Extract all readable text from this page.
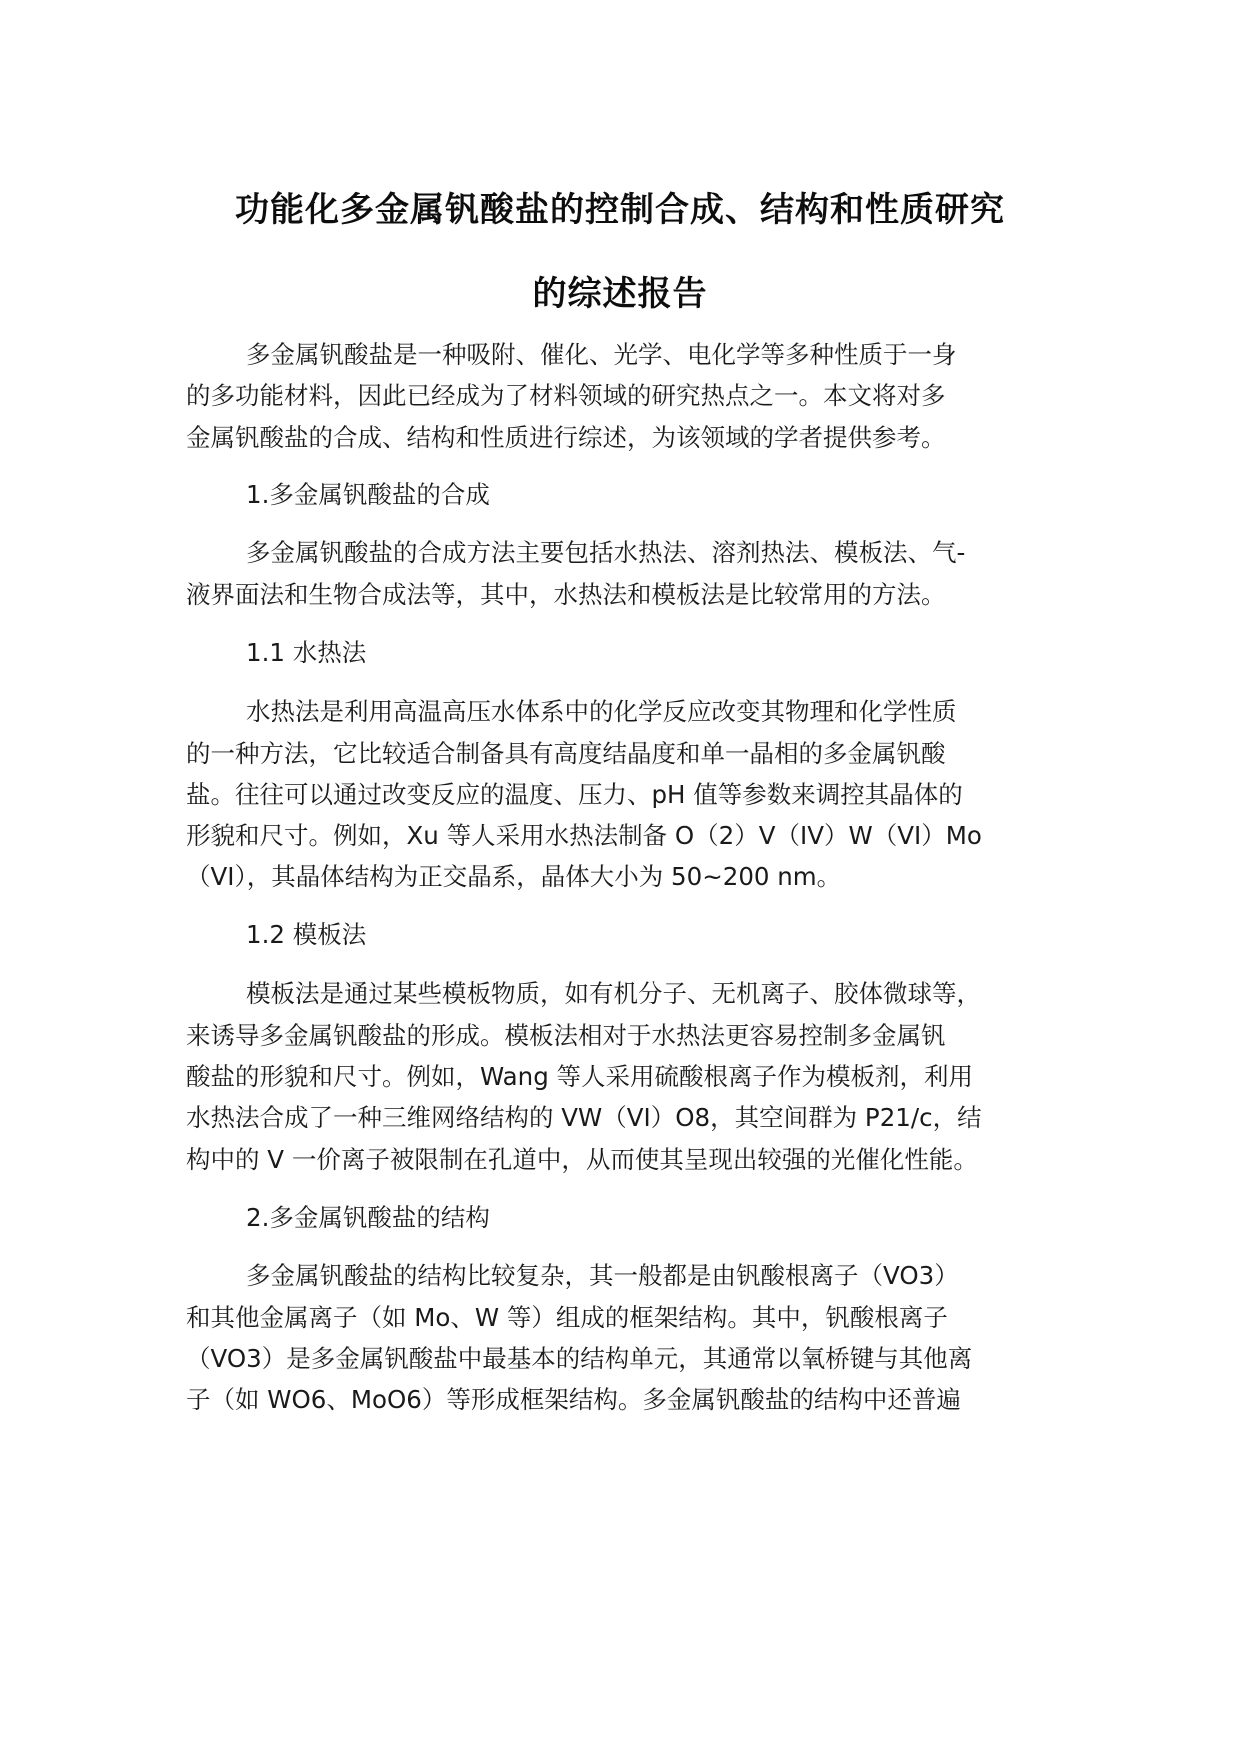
功能化多金属钒酸盐的控制合成、结构和性质研究
的综述报告
多金属钒酸盐是一种吸附、催化、光学、电化学等多种性质于一身
的多功能材料，因此已经成为了材料领域的研究热点之一。本文将对多
金属钒酸盐的合成、结构和性质进行综述，为该领域的学者提供参考。
1.多金属钒酸盐的合成
多金属钒酸盐的合成方法主要包括水热法、溶剂热法、模板法、气-
液界面法和生物合成法等，其中，水热法和模板法是比较常用的方法。
1.1 水热法
水热法是利用高温高压水体系中的化学反应改变其物理和化学性质
的一种方法，它比较适合制备具有高度结晶度和单一晶相的多金属钒酸
盐。往往可以通过改变反应的温度、压力、pH 值等参数来调控其晶体的
形貌和尺寸。例如，Xu 等人采用水热法制备 O（2）V（IV）W（VI）Mo
（VI），其晶体结构为正交晶系，晶体大小为 50~200 nm。
1.2 模板法
模板法是通过某些模板物质，如有机分子、无机离子、胶体微球等，
来诱导多金属钒酸盐的形成。模板法相对于水热法更容易控制多金属钒
酸盐的形貌和尺寸。例如，Wang 等人采用硫酸根离子作为模板剂，利用
水热法合成了一种三维网络结构的 VW（VI）O8，其空间群为 P21/c，结
构中的 V 一价离子被限制在孔道中，从而使其呈现出较强的光催化性能。
2.多金属钒酸盐的结构
多金属钒酸盐的结构比较复杂，其一般都是由钒酸根离子（VO3）
和其他金属离子（如 Mo、W 等）组成的框架结构。其中，钒酸根离子
（VO3）是多金属钒酸盐中最基本的结构单元，其通常以氧桥键与其他离
子（如 WO6、MoO6）等形成框架结构。多金属钒酸盐的结构中还普遍
